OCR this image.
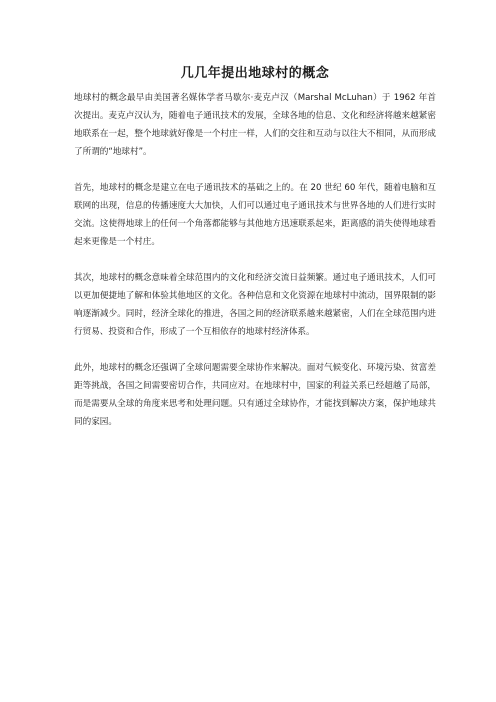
几几年提出地球村的概念

地球村的概念最早由美国著名媒体学者马歇尔·麦克卢汉（Marshal McLuhan）于 1962 年首次提出。麦克卢汉认为，随着电子通讯技术的发展，全球各地的信息、文化和经济将越来越紧密地联系在一起，整个地球就好像是一个村庄一样，人们的交往和互动与以往大不相同，从而形成了所谓的“地球村”。

首先，地球村的概念是建立在电子通讯技术的基础之上的。在 20 世纪 60 年代，随着电脑和互联网的出现，信息的传播速度大大加快，人们可以通过电子通讯技术与世界各地的人们进行实时交流。这使得地球上的任何一个角落都能够与其他地方迅速联系起来，距离感的消失使得地球看起来更像是一个村庄。

其次，地球村的概念意味着全球范围内的文化和经济交流日益频繁。通过电子通讯技术，人们可以更加便捷地了解和体验其他地区的文化。各种信息和文化资源在地球村中流动，国界限制的影响逐渐减少。同时，经济全球化的推进，各国之间的经济联系越来越紧密，人们在全球范围内进行贸易、投资和合作，形成了一个互相依存的地球村经济体系。

此外，地球村的概念还强调了全球问题需要全球协作来解决。面对气候变化、环境污染、贫富差距等挑战，各国之间需要密切合作，共同应对。在地球村中，国家的利益关系已经超越了局部，而是需要从全球的角度来思考和处理问题。只有通过全球协作，才能找到解决方案，保护地球共同的家园。
